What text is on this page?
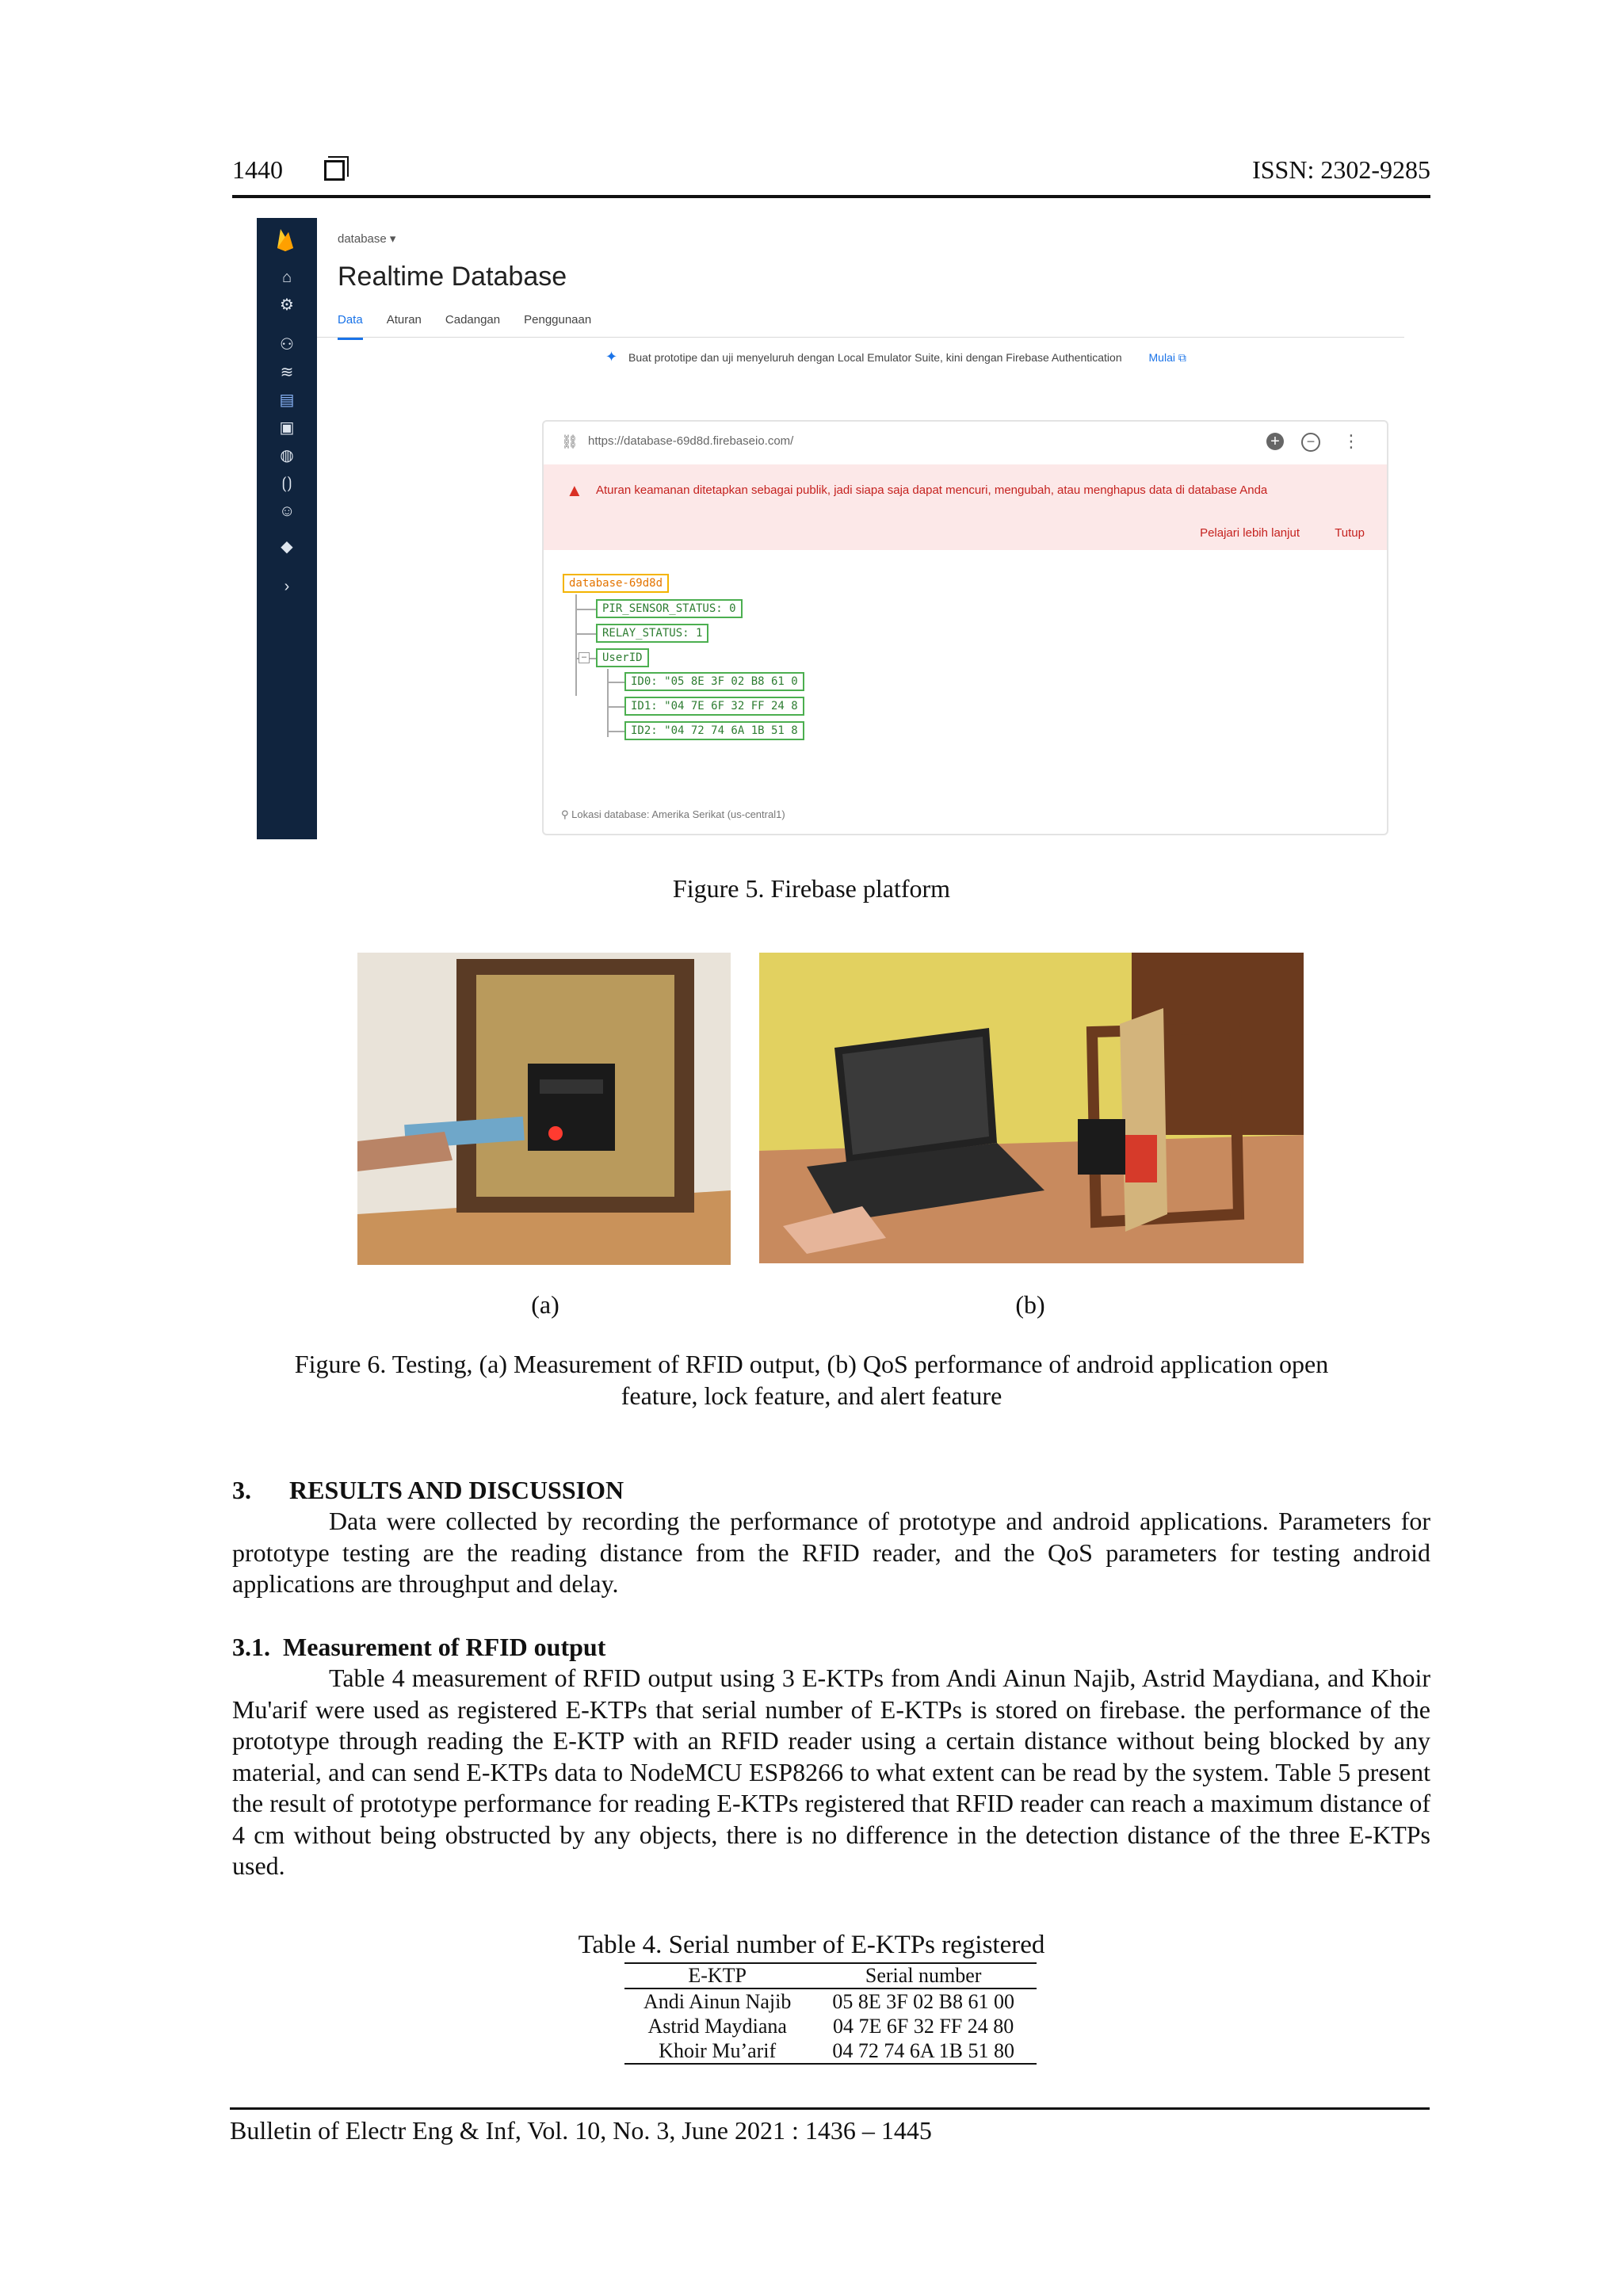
1440	ISSN: 2302-9285
⌂
⚙
⚇
≋
▤
▣
◍
⟮⟯
☺
◆
›
database ▾
Realtime Database
Data Aturan Cadangan Penggunaan
✦ Buat prototipe dan uji menyeluruh dengan Local Emulator Suite, kini dengan Firebase Authentication Mulai ⧉
⛓ https://database-69d8d.firebaseio.com/	+	−	⋮
▲ Aturan keamanan ditetapkan sebagai publik, jadi siapa saja dapat mencuri, mengubah, atau menghapus data di database Anda
Pelajari lebih lanjut	Tutup
database-69d8d
PIR_SENSOR_STATUS: 0
RELAY_STATUS: 1
UserID
–
ID0: "05 8E 3F 02 B8 61 0
ID1: "04 7E 6F 32 FF 24 8
ID2: "04 72 74 6A 1B 51 8
⚲ Lokasi database: Amerika Serikat (us-central1)
Figure 5. Firebase platform
(a)	(b)
Figure 6. Testing, (a) Measurement of RFID output, (b) QoS performance of android application open
feature, lock feature, and alert feature
3.      RESULTS AND DISCUSSION
Data were collected by recording the performance of prototype and android applications. Parameters for prototype testing are the reading distance from the RFID reader, and the QoS parameters for testing android applications are throughput and delay.
3.1.  Measurement of RFID output
Table 4 measurement of RFID output using 3 E-KTPs from Andi Ainun Najib, Astrid Maydiana, and Khoir Mu'arif were used as registered E-KTPs that serial number of E-KTPs is stored on firebase. the performance of the prototype through reading the E-KTP with an RFID reader using a certain distance without being blocked by any material, and can send E-KTPs data to NodeMCU ESP8266 to what extent can be read by the system. Table 5 present the result of prototype performance for reading E-KTPs registered that RFID reader can reach a maximum distance of 4 cm without being obstructed by any objects, there is no difference in the detection distance of the three E-KTPs used.
Table 4. Serial number of E-KTPs registered
E-KTP	Serial number
Andi Ainun Najib	05 8E 3F 02 B8 61 00
Astrid Maydiana	04 7E 6F 32 FF 24 80
Khoir Mu’arif	04 72 74 6A 1B 51 80
Bulletin of Electr Eng & Inf, Vol. 10, No. 3, June 2021 : 1436 – 1445
